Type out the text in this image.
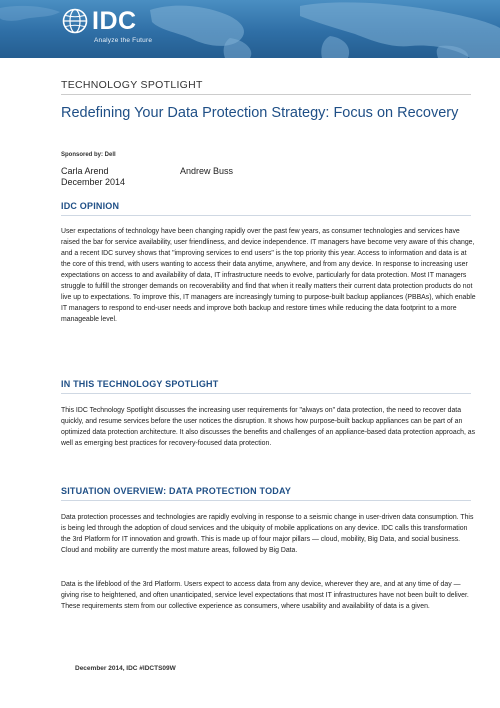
IDC
Analyze the Future
TECHNOLOGY SPOTLIGHT
Redefining Your Data Protection Strategy: Focus on Recovery
Sponsored by: Dell
Carla Arend	Andrew Buss
December 2014
IDC OPINION
User expectations of technology have been changing rapidly over the past few years, as consumer technologies and services have raised the bar for service availability, user friendliness, and device independence. IT managers have become very aware of this change, and a recent IDC survey shows that "improving services to end users" is the top priority this year. Access to information and data is at the core of this trend, with users wanting to access their data anytime, anywhere, and from any device. In response to increasing user expectations on access to and availability of data, IT infrastructure needs to evolve, particularly for data protection. Most IT managers struggle to fulfill the stronger demands on recoverability and find that when it really matters their current data protection products do not live up to expectations. To improve this, IT managers are increasingly turning to purpose-built backup appliances (PBBAs), which enable IT managers to respond to end-user needs and improve both backup and restore times while reducing the data footprint to a more manageable level.
IN THIS TECHNOLOGY SPOTLIGHT
This IDC Technology Spotlight discusses the increasing user requirements for "always on" data protection, the need to recover data quickly, and resume services before the user notices the disruption. It shows how purpose-built backup appliances can be part of an optimized data protection architecture. It also discusses the benefits and challenges of an appliance-based data protection approach, as well as emerging best practices for recovery-focused data protection.
SITUATION OVERVIEW: DATA PROTECTION TODAY
Data protection processes and technologies are rapidly evolving in response to a seismic change in user-driven data consumption. This is being led through the adoption of cloud services and the ubiquity of mobile applications on any device. IDC calls this transformation the 3rd Platform for IT innovation and growth. This is made up of four major pillars — cloud, mobility, Big Data, and social business. Cloud and mobility are currently the most mature areas, followed by Big Data.
Data is the lifeblood of the 3rd Platform. Users expect to access data from any device, wherever they are, and at any time of day — giving rise to heightened, and often unanticipated, service level expectations that most IT infrastructures have not been built to deliver. These requirements stem from our collective experience as consumers, where usability and availability of data is a given.
December 2014, IDC #IDCTS09W
